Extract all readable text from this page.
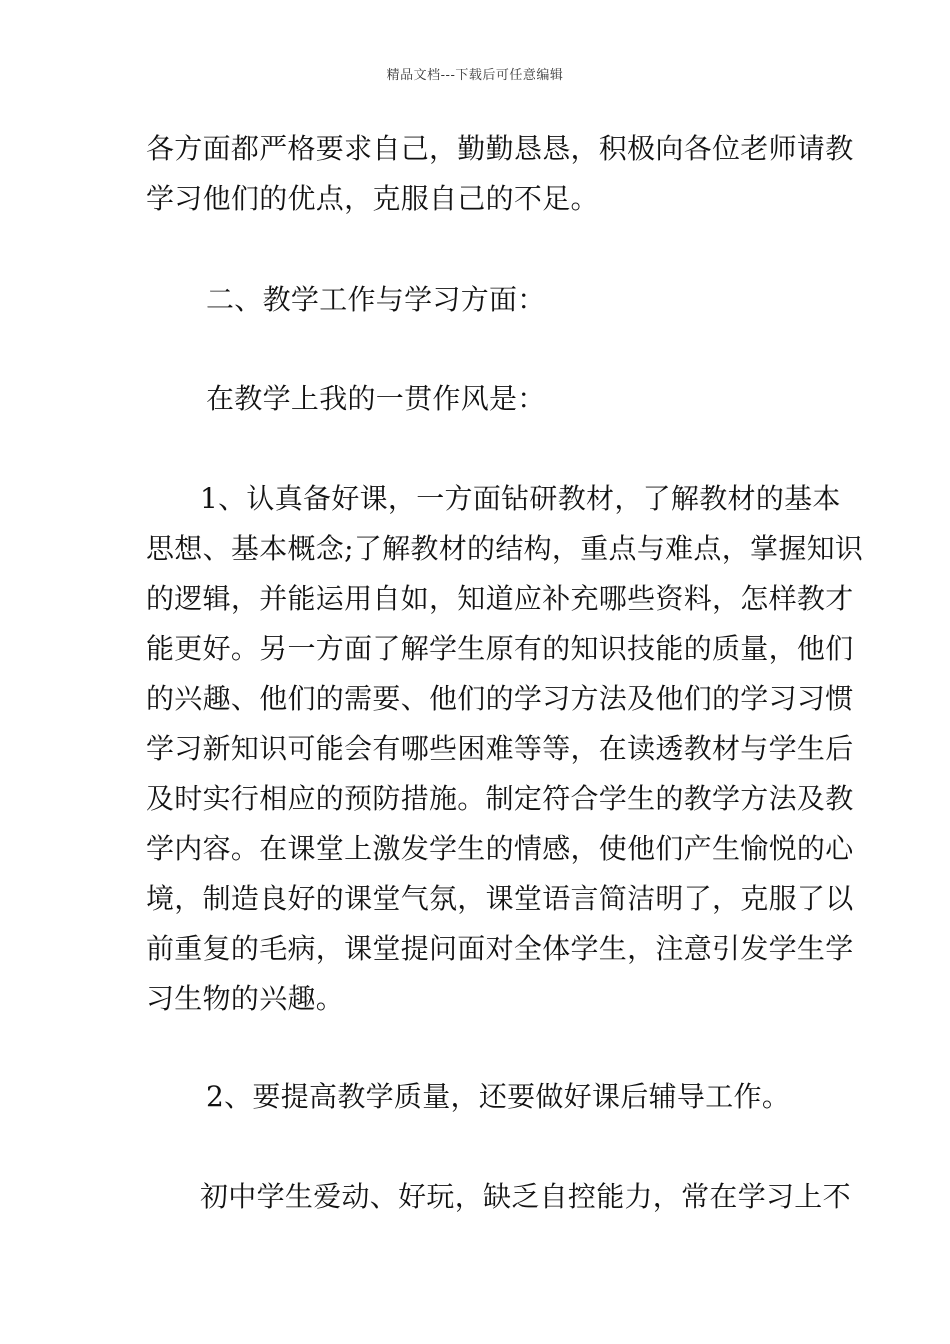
精品文档---下载后可任意编辑
各方面都严格要求自己，勤勤恳恳，积极向各位老师请教
学习他们的优点，克服自己的不足。
二、教学工作与学习方面：
在教学上我的一贯作风是：
1、认真备好课，一方面钻研教材，了解教材的基本
思想、基本概念;了解教材的结构，重点与难点，掌握知识
的逻辑，并能运用自如，知道应补充哪些资料，怎样教才
能更好。另一方面了解学生原有的知识技能的质量，他们
的兴趣、他们的需要、他们的学习方法及他们的学习习惯
学习新知识可能会有哪些困难等等，在读透教材与学生后
及时实行相应的预防措施。制定符合学生的教学方法及教
学内容。在课堂上激发学生的情感，使他们产生愉悦的心
境，制造良好的课堂气氛，课堂语言简洁明了，克服了以
前重复的毛病，课堂提问面对全体学生，注意引发学生学
习生物的兴趣。
2、要提高教学质量，还要做好课后辅导工作。
初中学生爱动、好玩，缺乏自控能力，常在学习上不
